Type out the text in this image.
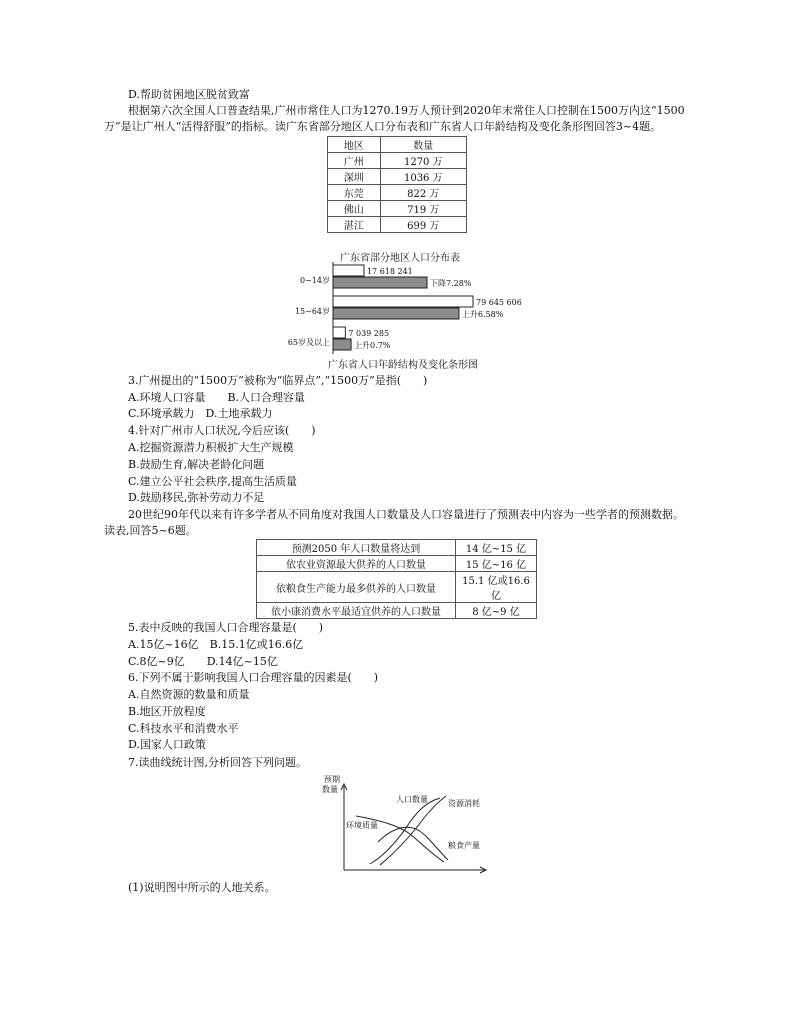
D.帮助贫困地区脱贫致富
根据第六次全国人口普查结果,广州市常住人口为1270.19万人预计到2020年末常住人口控制在1500万内这“1500
万”是让广州人“活得舒服”的指标。读广东省部分地区人口分布表和广东省人口年龄结构及变化条形图回答3~4题。
地区	数量
广州	1270 万
深圳	1036 万
东莞	822 万
佛山	719 万
湛江	699 万
广东省部分地区人口分布表
0~14岁
17 618 241
下降7.28%
15~64岁
79 645 606
上升6.58%
65岁及以上
7 039 285
上升0.7%
广东省人口年龄结构及变化条形图
3.广州提出的“1500万”被称为“临界点”,“1500万”是指(　　)
A.环境人口容量　　B.人口合理容量
C.环境承载力　D.土地承载力
4.针对广州市人口状况,今后应该(　　)
A.挖掘资源潜力积极扩大生产规模
B.鼓励生育,解决老龄化问题
C.建立公平社会秩序,提高生活质量
D.鼓励移民,弥补劳动力不足
20世纪90年代以来有许多学者从不同角度对我国人口数量及人口容量进行了预测表中内容为一些学者的预测数据。
读表,回答5~6题。
预测2050 年人口数量将达到	14 亿~15 亿
依农业资源最大供养的人口数量	15 亿~16 亿
依粮食生产能力最多供养的人口数量	15.1 亿或16.6 亿
依小康消费水平最适宜供养的人口数量	8 亿~9 亿
5.表中反映的我国人口合理容量是(　　)
A.15亿~16亿　B.15.1亿或16.6亿
C.8亿~9亿　　D.14亿~15亿
6.下列不属于影响我国人口合理容量的因素是(　　)
A.自然资源的数量和质量
B.地区开放程度
C.科技水平和消费水平
D.国家人口政策
7.读曲线统计图,分析回答下列问题。
预期
数量
人口数量	资源消耗
环境质量
粮食产量
(1)说明图中所示的人地关系。
